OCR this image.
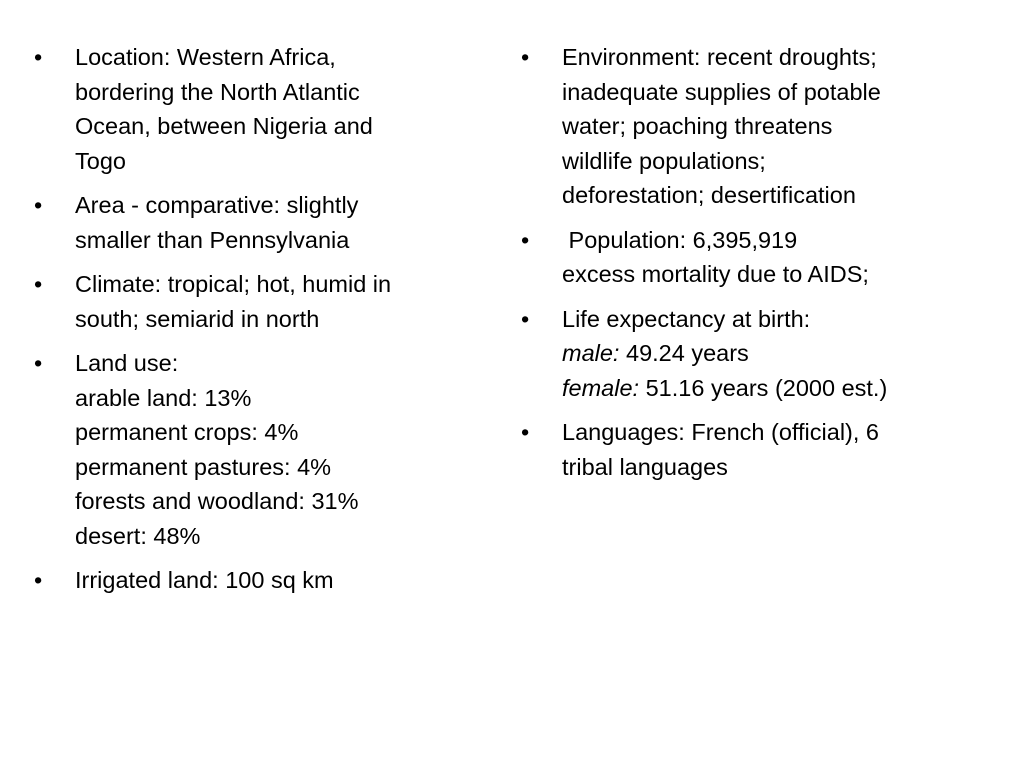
• Location: Western Africa,
bordering the North Atlantic
Ocean, between Nigeria and
Togo
• Area - comparative: slightly
smaller than Pennsylvania
• Climate: tropical; hot, humid in
south; semiarid in north
• Land use:
arable land: 13%
permanent crops: 4%
permanent pastures: 4%
forests and woodland: 31%
desert: 48%
• Irrigated land: 100 sq km
• Environment: recent droughts;
inadequate supplies of potable
water; poaching threatens
wildlife populations;
deforestation; desertification
•  Population: 6,395,919
excess mortality due to AIDS;
• Life expectancy at birth:
male: 49.24 years
female: 51.16 years (2000 est.)
• Languages: French (official), 6
tribal languages
